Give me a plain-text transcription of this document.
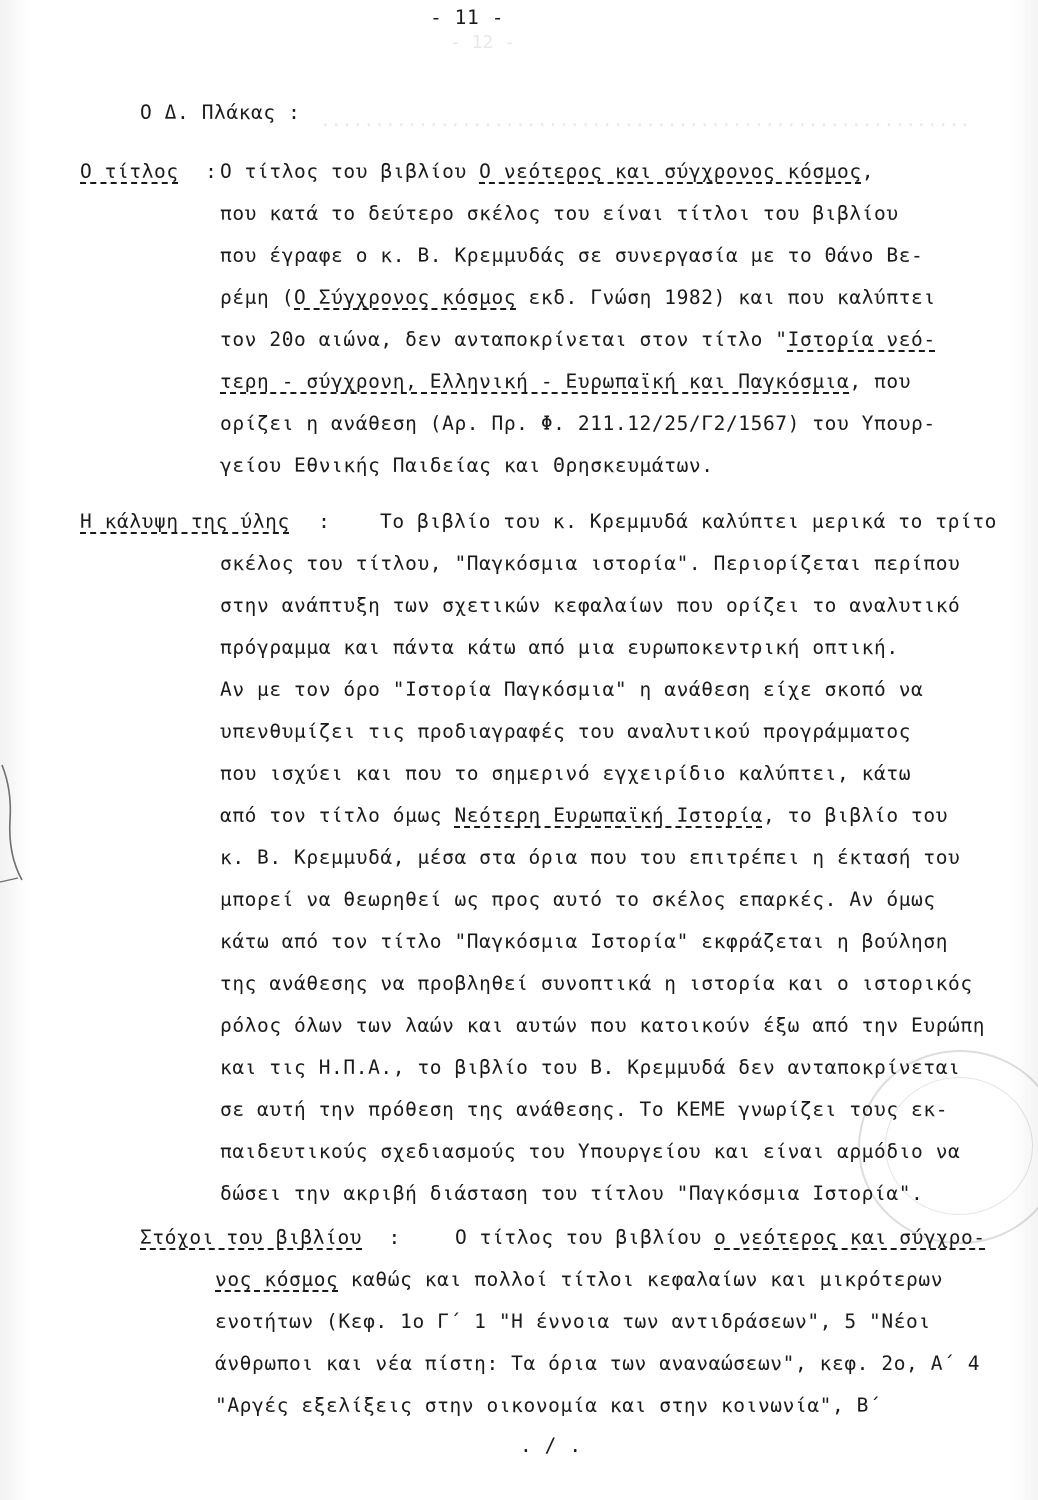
- 12 -
............................................................
- 11 -
Ο Δ. Πλάκας :
Ο τίτλος : Ο τίτλος του βιβλίου Ο νεότερος και σύγχρονος κόσμος,
που κατά το δεύτερο σκέλος του είναι τίτλοι του βιβλίου
που έγραφε ο κ. Β. Κρεμμυδάς σε συνεργασία με το Θάνο Βε-
ρέμη (Ο Σύγχρονος κόσμος εκδ. Γνώση 1982) και που καλύπτει
τον 20ο αιώνα, δεν ανταποκρίνεται στον τίτλο "Ιστορία νεό-
τερη - σύγχρονη, Ελληνική - Ευρωπαϊκή και Παγκόσμια, που
ορίζει η ανάθεση (Αρ. Πρ. Φ. 211.12/25/Γ2/1567) του Υπουρ-
γείου Εθνικής Παιδείας και Θρησκευμάτων.
Η κάλυψη της ύλης :	Το βιβλίο του κ. Κρεμμυδά καλύπτει μερικά το τρίτο
σκέλος του τίτλου, "Παγκόσμια ιστορία". Περιορίζεται περίπου
στην ανάπτυξη των σχετικών κεφαλαίων που ορίζει το αναλυτικό
πρόγραμμα και πάντα κάτω από μια ευρωποκεντρική οπτική.
Αν με τον όρο "Ιστορία Παγκόσμια" η ανάθεση είχε σκοπό να
υπενθυμίζει τις προδιαγραφές του αναλυτικού προγράμματος
που ισχύει και που το σημερινό εγχειρίδιο καλύπτει, κάτω
από τον τίτλο όμως Νεότερη Ευρωπαϊκή Ιστορία, το βιβλίο του
κ. Β. Κρεμμυδά, μέσα στα όρια που του επιτρέπει η έκτασή του
μπορεί να θεωρηθεί ως προς αυτό το σκέλος επαρκές. Αν όμως
κάτω από τον τίτλο "Παγκόσμια Ιστορία" εκφράζεται η βούληση
της ανάθεσης να προβληθεί συνοπτικά η ιστορία και ο ιστορικός
ρόλος όλων των λαών και αυτών που κατοικούν έξω από την Ευρώπη
και τις Η.Π.Α., το βιβλίο του Β. Κρεμμυδά δεν ανταποκρίνεται
σε αυτή την πρόθεση της ανάθεσης. Το ΚΕΜΕ γνωρίζει τους εκ-
παιδευτικούς σχεδιασμούς του Υπουργείου και είναι αρμόδιο να
δώσει την ακριβή διάσταση του τίτλου "Παγκόσμια Ιστορία".
Στόχοι του βιβλίου :	Ο τίτλος του βιβλίου ο νεότερος και σύγχρο-
νος κόσμος καθώς και πολλοί τίτλοι κεφαλαίων και μικρότερων
ενοτήτων (Κεφ. 1ο Γ΄ 1 "Η έννοια των αντιδράσεων", 5 "Νέοι
άνθρωποι και νέα πίστη: Τα όρια των αναναώσεων", κεφ. 2ο, Α΄ 4
"Αργές εξελίξεις στην οικονομία και στην κοινωνία", Β΄
. / .
